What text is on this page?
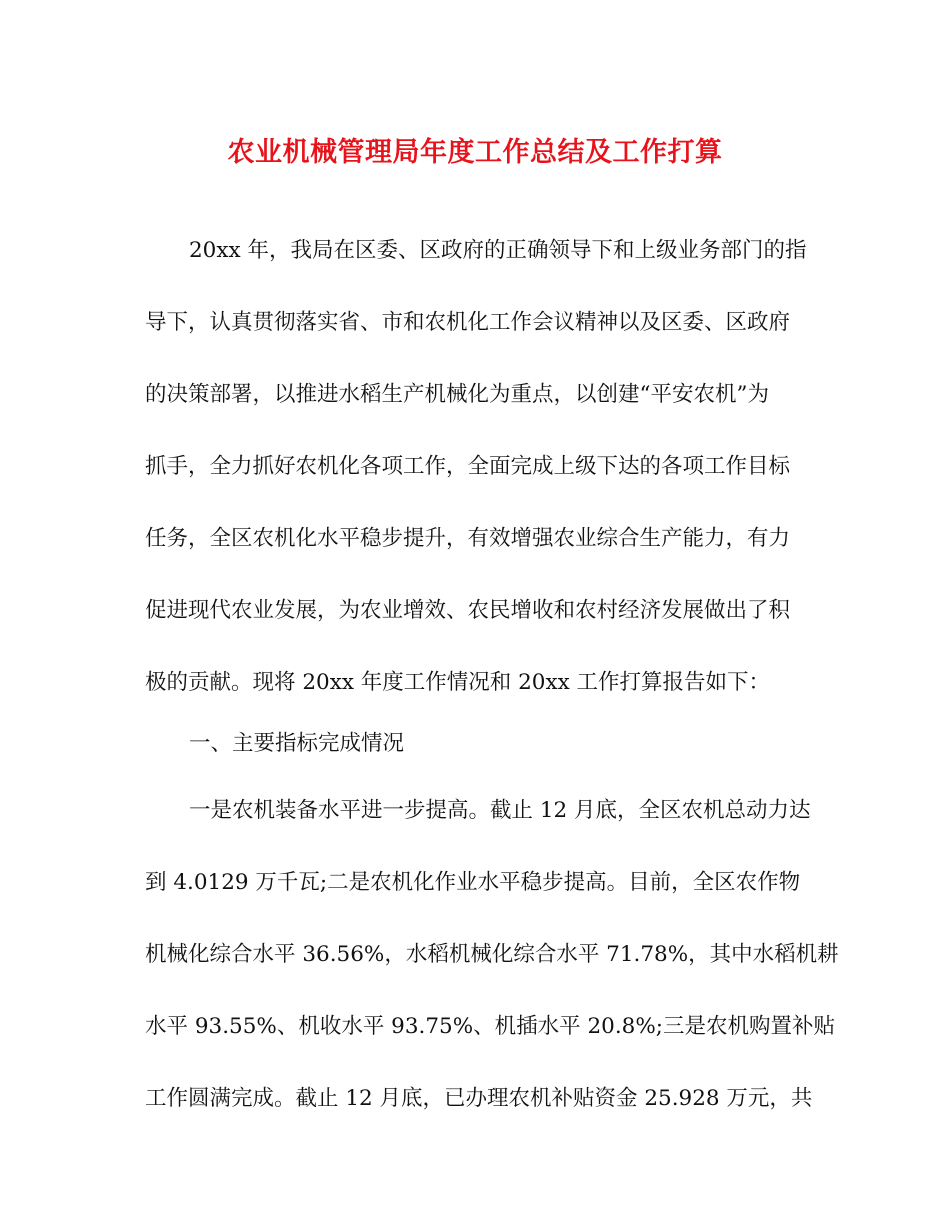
农业机械管理局年度工作总结及工作打算
20xx 年，我局在区委、区政府的正确领导下和上级业务部门的指
导下，认真贯彻落实省、市和农机化工作会议精神以及区委、区政府
的决策部署，以推进水稻生产机械化为重点，以创建“平安农机”为
抓手，全力抓好农机化各项工作，全面完成上级下达的各项工作目标
任务，全区农机化水平稳步提升，有效增强农业综合生产能力，有力
促进现代农业发展，为农业增效、农民增收和农村经济发展做出了积
极的贡献。现将 20xx 年度工作情况和 20xx 工作打算报告如下：
一、主要指标完成情况
一是农机装备水平进一步提高。截止 12 月底，全区农机总动力达
到 4.0129 万千瓦;二是农机化作业水平稳步提高。目前，全区农作物
机械化综合水平 36.56%，水稻机械化综合水平 71.78%，其中水稻机耕
水平 93.55%、机收水平 93.75%、机插水平 20.8%;三是农机购置补贴
工作圆满完成。截止 12 月底，已办理农机补贴资金 25.928 万元，共
